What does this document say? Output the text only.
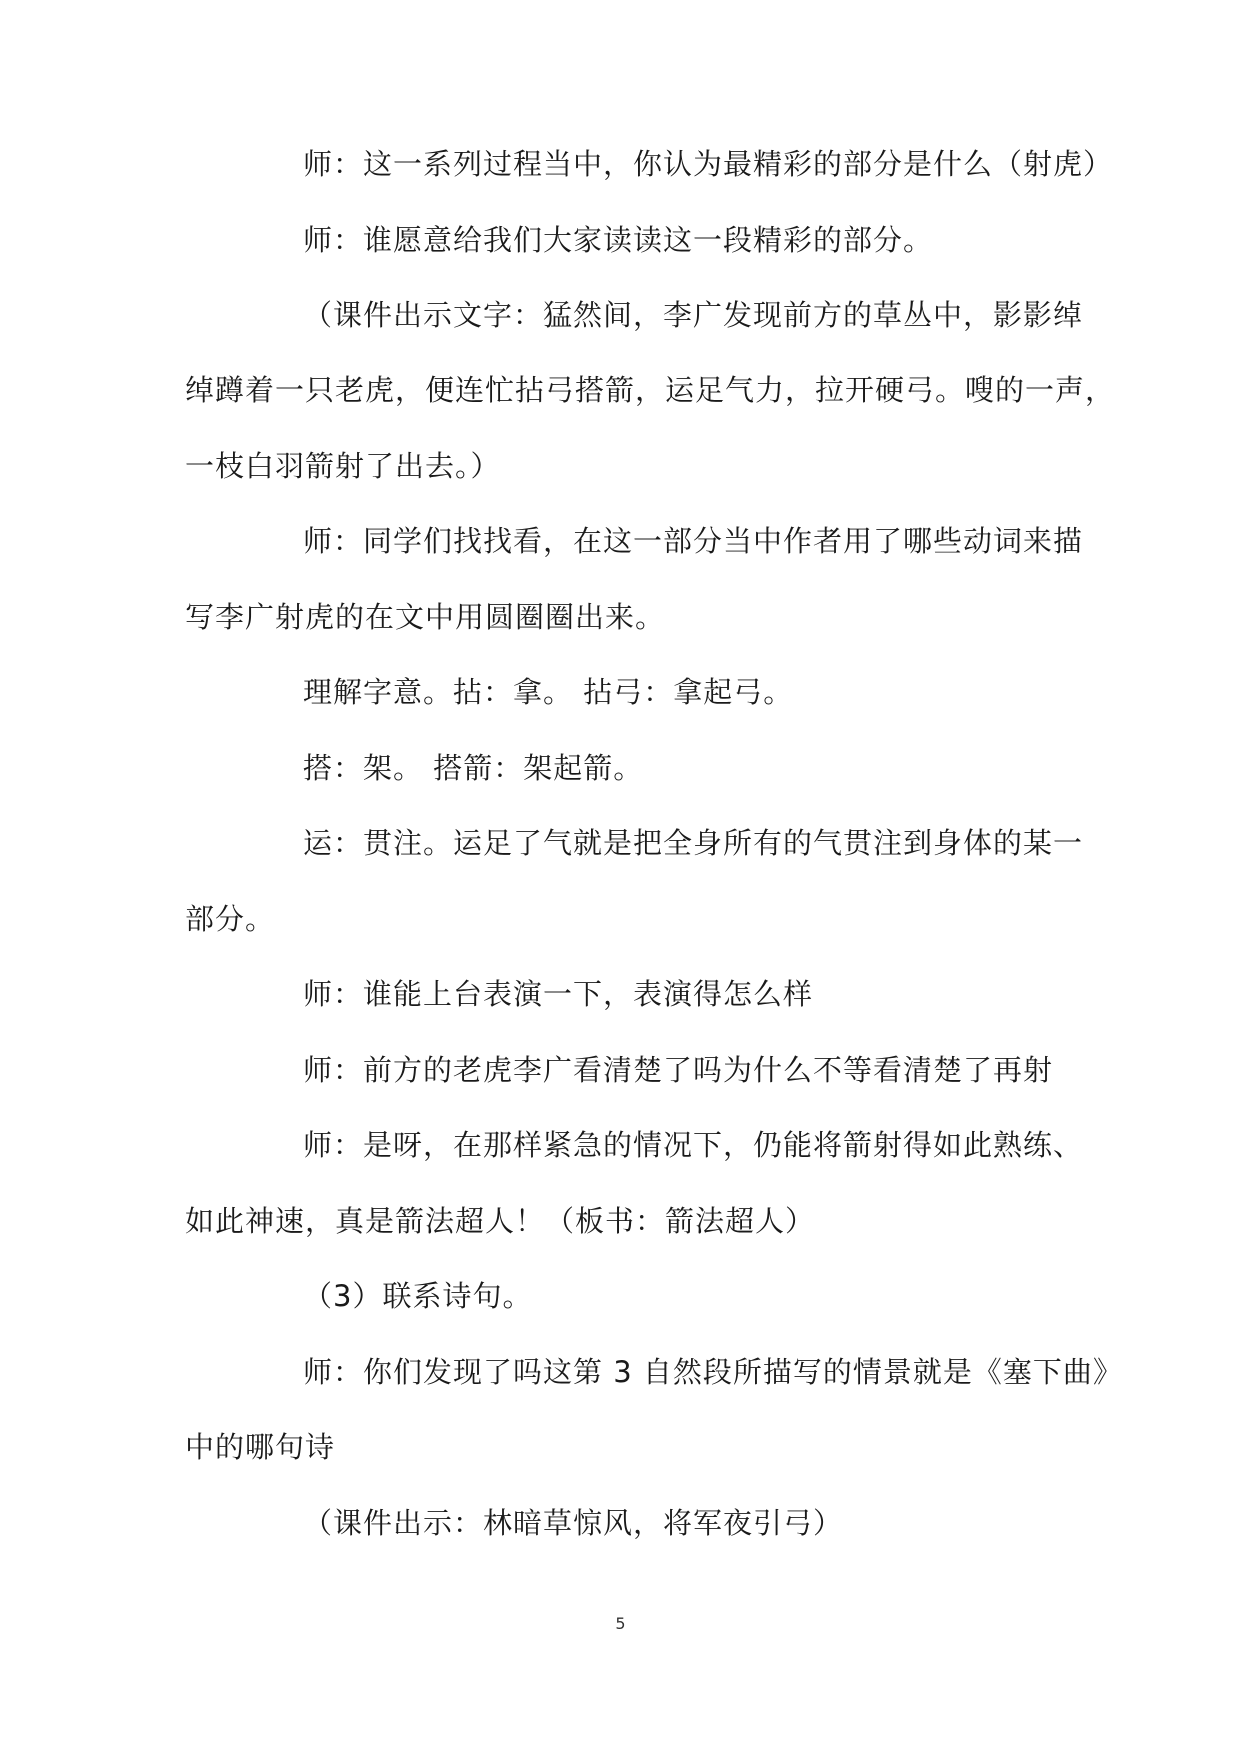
师：这一系列过程当中，你认为最精彩的部分是什么（射虎）
师：谁愿意给我们大家读读这一段精彩的部分。
（课件出示文字：猛然间，李广发现前方的草丛中，影影绰
绰蹲着一只老虎，便连忙拈弓搭箭，运足气力，拉开硬弓。嗖的一声，
一枝白羽箭射了出去。）
师：同学们找找看，在这一部分当中作者用了哪些动词来描
写李广射虎的在文中用圆圈圈出来。
理解字意。拈：拿。 拈弓：拿起弓。
搭：架。 搭箭：架起箭。
运：贯注。运足了气就是把全身所有的气贯注到身体的某一
部分。
师：谁能上台表演一下，表演得怎么样
师：前方的老虎李广看清楚了吗为什么不等看清楚了再射
师：是呀，在那样紧急的情况下，仍能将箭射得如此熟练、
如此神速，真是箭法超人！（板书：箭法超人）
（3）联系诗句。
师：你们发现了吗这第 3 自然段所描写的情景就是《塞下曲》
中的哪句诗
（课件出示：林暗草惊风，将军夜引弓）
5
